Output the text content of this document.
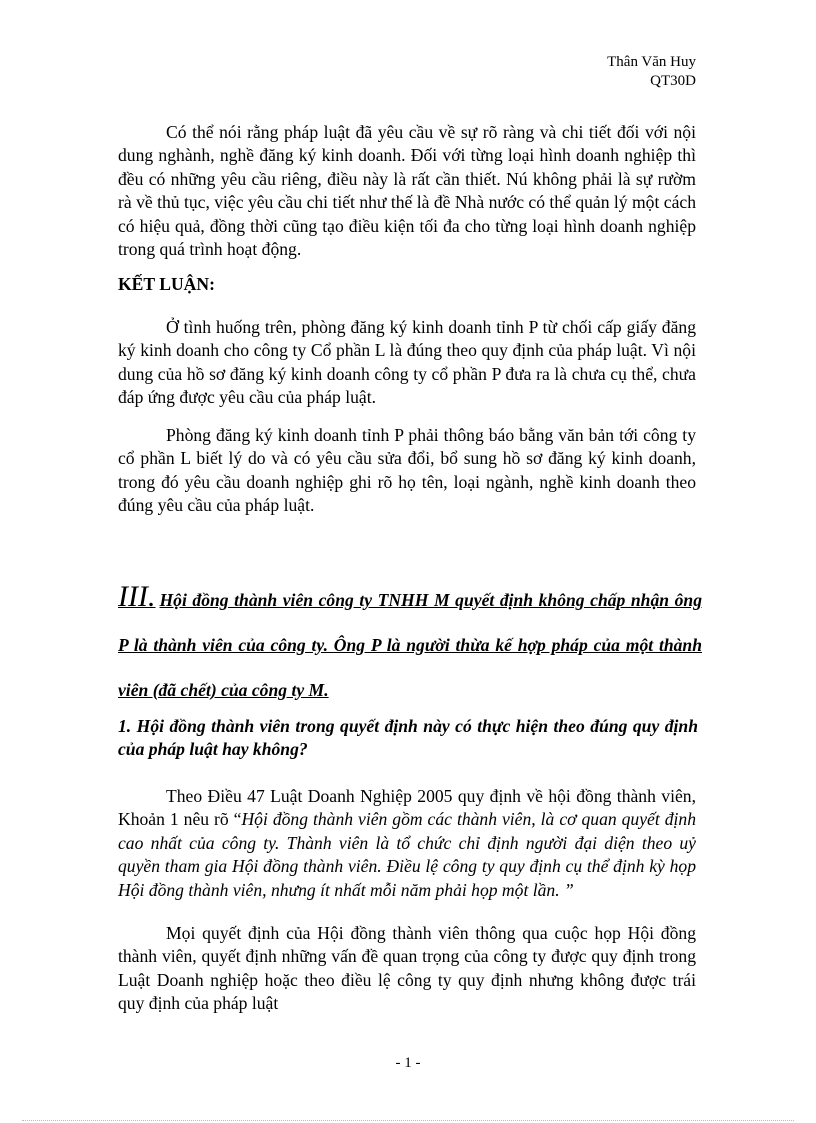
Thân Văn Huy
QT30D

Có thể nói rằng pháp luật đã yêu cầu về sự rõ ràng và chi tiết đối với nội dung nghành, nghề đăng ký kinh doanh. Đối với từng loại hình doanh nghiệp thì đều có những yêu cầu riêng, điều này là rất cần thiết. Nú không phải là sự rườm rà về thủ tục, việc yêu cầu chi tiết như thế là đề Nhà nước có thể quản lý một cách có hiệu quả, đồng thời cũng tạo điều kiện tối đa cho từng loại hình doanh nghiệp trong quá trình hoạt động.

KẾT LUẬN:

Ở tình huống trên, phòng đăng ký kinh doanh tỉnh P từ chối cấp giấy đăng ký kinh doanh cho công ty Cổ phần L là đúng theo quy định của pháp luật. Vì nội dung của hồ sơ đăng ký kinh doanh công ty cổ phần P đưa ra là chưa cụ thể, chưa đáp ứng được yêu cầu của pháp luật.

Phòng đăng ký kinh doanh tỉnh P phải thông báo bằng văn bản tới công ty cổ phần L biết lý do và có yêu cầu sửa đổi, bổ sung hồ sơ đăng ký kinh doanh, trong đó yêu cầu doanh nghiệp ghi rõ họ tên, loại ngành, nghề kinh doanh theo đúng yêu cầu của pháp luật.

III. Hội đồng thành viên công ty TNHH M quyết định không chấp nhận ông P là thành viên của công ty. Ông P là người thừa kế hợp pháp của một thành viên (đã chết) của công ty M.

1. Hội đồng thành viên trong quyết định này có thực hiện theo đúng quy định của pháp luật hay không?

Theo Điều 47 Luật Doanh Nghiệp 2005 quy định về hội đồng thành viên, Khoản 1 nêu rõ “Hội đồng thành viên gồm các thành viên, là cơ quan quyết định cao nhất của công ty. Thành viên là tổ chức chỉ định người đại diện theo uỷ quyền tham gia Hội đồng thành viên. Điều lệ công ty quy định cụ thể định kỳ họp Hội đồng thành viên, nhưng ít nhất mỗi năm phải họp một lần. ”

Mọi quyết định của Hội đồng thành viên thông qua cuộc họp Hội đồng thành viên, quyết định những vấn đề quan trọng của công ty được quy định trong Luật Doanh nghiệp hoặc theo điều lệ công ty quy định nhưng không được trái quy định của pháp luật

- 1 -
